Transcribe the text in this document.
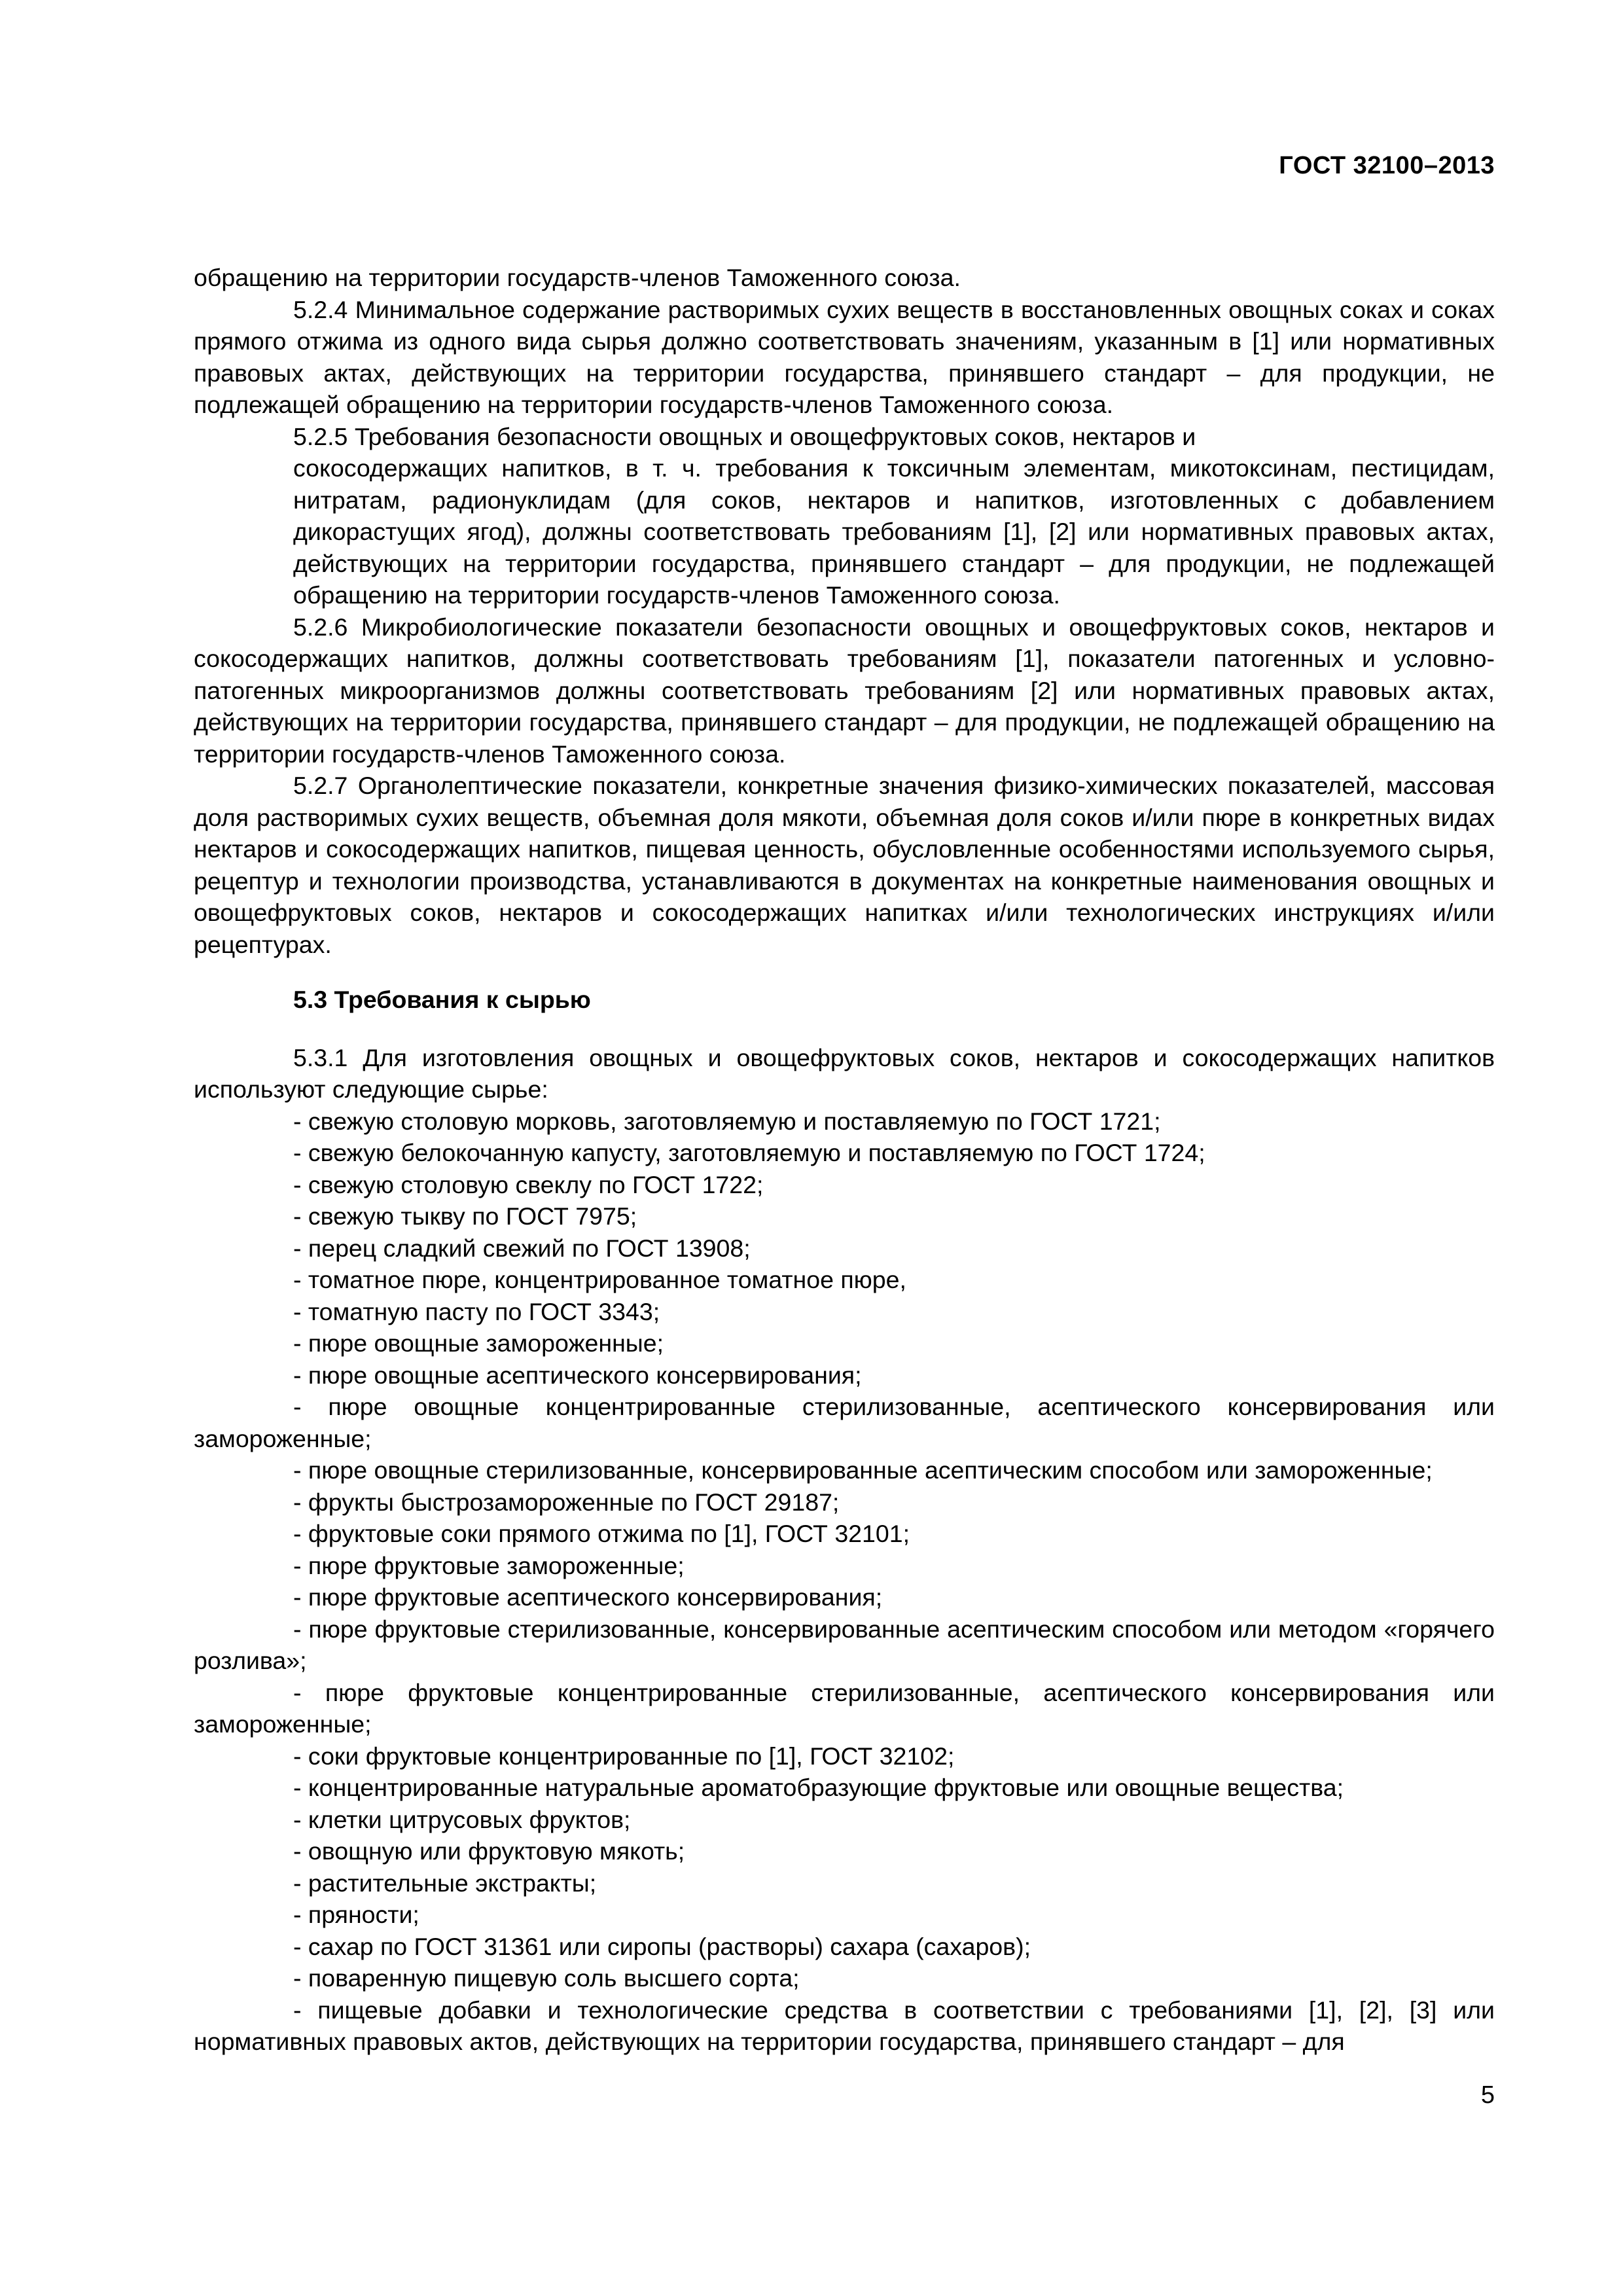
ГОСТ 32100–2013

обращению на территории государств-членов Таможенного союза.

5.2.4 Минимальное содержание растворимых сухих веществ в восстановленных овощных соках и соках прямого отжима из одного вида сырья должно соответствовать значениям, указанным в [1] или нормативных правовых актах, действующих на территории государства, принявшего стандарт – для продукции, не подлежащей обращению на территории государств-членов Таможенного союза.

5.2.5 Требования безопасности овощных и овощефруктовых соков, нектаров и

сокосодержащих напитков, в т. ч. требования к токсичным элементам, микотоксинам, пестицидам, нитратам, радионуклидам (для соков, нектаров и напитков, изготовленных с добавлением дикорастущих ягод), должны соответствовать требованиям [1], [2] или нормативных правовых актах, действующих на территории государства, принявшего стандарт – для продукции, не подлежащей обращению на территории государств-членов Таможенного союза.

5.2.6 Микробиологические показатели безопасности овощных и овощефруктовых соков, нектаров и сокосодержащих напитков, должны соответствовать требованиям [1], показатели патогенных и условно-патогенных микроорганизмов должны соответствовать требованиям [2] или нормативных правовых актах, действующих на территории государства, принявшего стандарт – для продукции, не подлежащей обращению на территории государств-членов Таможенного союза.

5.2.7 Органолептические показатели, конкретные значения физико-химических показателей, массовая доля растворимых сухих веществ, объемная доля мякоти, объемная доля соков и/или пюре в конкретных видах нектаров и сокосодержащих напитков, пищевая ценность, обусловленные особенностями используемого сырья, рецептур и технологии производства, устанавливаются в документах на конкретные наименования овощных и овощефруктовых соков, нектаров и сокосодержащих напитках и/или технологических инструкциях и/или рецептурах.

5.3 Требования к сырью

5.3.1 Для изготовления овощных и овощефруктовых соков, нектаров и сокосодержащих напитков используют следующие сырье:

- свежую столовую морковь, заготовляемую и поставляемую по ГОСТ 1721;

- свежую белокочанную капусту, заготовляемую и поставляемую по ГОСТ 1724;

- свежую столовую свеклу по ГОСТ 1722;

- свежую тыкву по ГОСТ 7975;

- перец сладкий свежий по ГОСТ 13908;

- томатное пюре, концентрированное томатное пюре,

- томатную пасту по ГОСТ 3343;

- пюре овощные замороженные;

- пюре овощные асептического консервирования;

- пюре овощные концентрированные стерилизованные, асептического консервирования или замороженные;

- пюре овощные стерилизованные, консервированные асептическим способом или замороженные;

- фрукты быстрозамороженные по ГОСТ 29187;

- фруктовые соки прямого отжима по [1], ГОСТ 32101;

- пюре фруктовые замороженные;

- пюре фруктовые асептического консервирования;

- пюре фруктовые стерилизованные, консервированные асептическим способом или методом «горячего розлива»;

- пюре фруктовые концентрированные стерилизованные, асептического консервирования или замороженные;

- соки фруктовые концентрированные по [1], ГОСТ 32102;

- концентрированные натуральные ароматобразующие фруктовые или овощные вещества;

- клетки цитрусовых фруктов;

- овощную или фруктовую мякоть;

- растительные экстракты;

- пряности;

- сахар по ГОСТ 31361 или сиропы (растворы) сахара (сахаров);

- поваренную пищевую соль высшего сорта;

- пищевые добавки и технологические средства в соответствии с требованиями [1], [2], [3] или нормативных правовых актов, действующих на территории государства, принявшего стандарт – для

5
